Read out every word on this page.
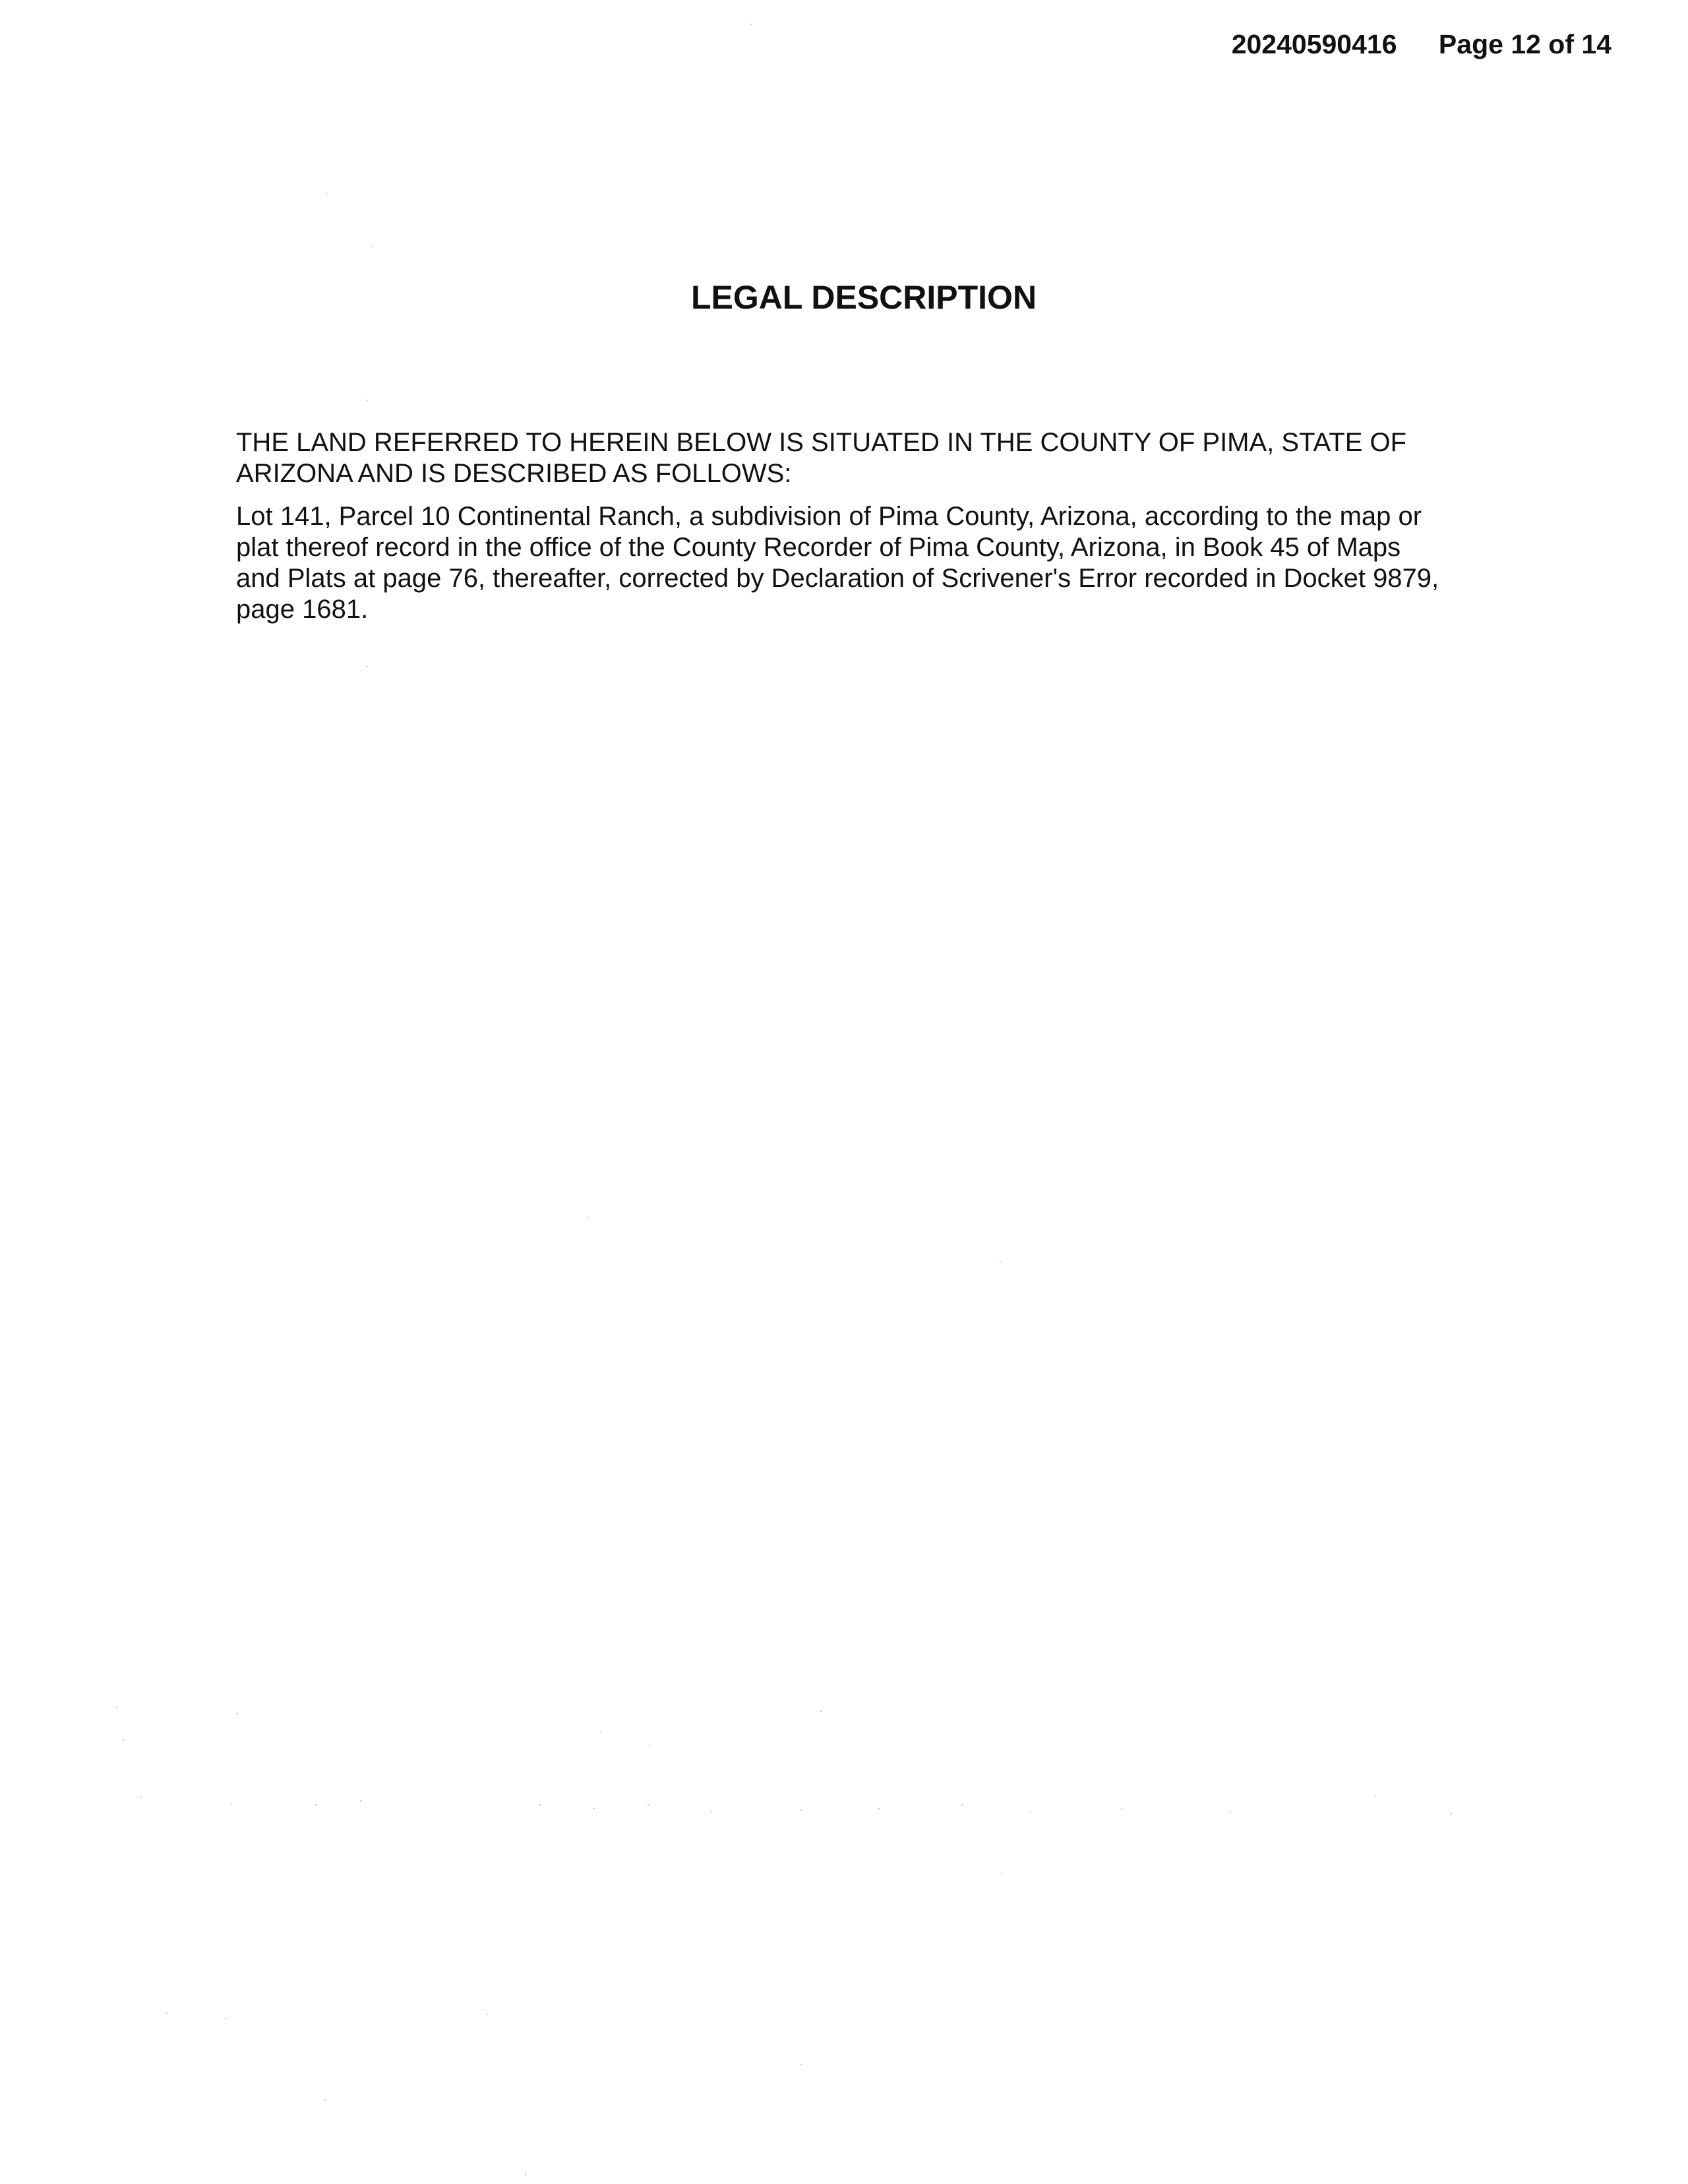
20240590416 Page 12 of 14
LEGAL DESCRIPTION

THE LAND REFERRED TO HEREIN BELOW IS SITUATED IN THE COUNTY OF PIMA, STATE OF
ARIZONA AND IS DESCRIBED AS FOLLOWS:

Lot 141, Parcel 10 Continental Ranch, a subdivision of Pima County, Arizona, according to the map or
plat thereof record in the office of the County Recorder of Pima County, Arizona, in Book 45 of Maps
and Plats at page 76, thereafter, corrected by Declaration of Scrivener's Error recorded in Docket 9879,
page 1681.
